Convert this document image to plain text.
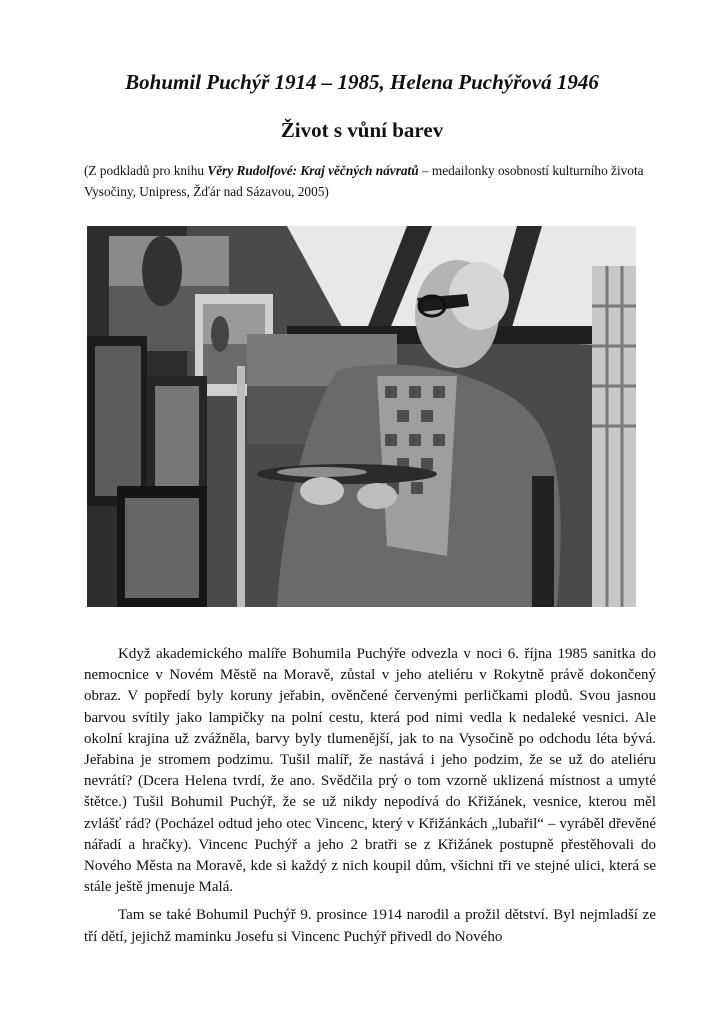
Bohumil Puchýř 1914 – 1985, Helena Puchýřová 1946
Život s vůní barev

(Z podkladů pro knihu Věry Rudolfové: Kraj věčných návratů – medailonky osobností kulturního života Vysočiny, Unipress, Žďár nad Sázavou, 2005)

Když akademického malíře Bohumila Puchýře odvezla v noci 6. října 1985 sanitka do nemocnice v Novém Městě na Moravě, zůstal v jeho ateliéru v Rokytně právě dokončený obraz. V popředí byly koruny jeřabin, ověnčené červenými perličkami plodů. Svou jasnou barvou svítily jako lampičky na polní cestu, která pod nimi vedla k nedaleké vesnici. Ale okolní krajina už zvážněla, barvy byly tlumenější, jak to na Vysočině po odchodu léta bývá. Jeřabina je stromem podzimu. Tušil malíř, že nastává i jeho podzim, že se už do ateliéru nevrátí? (Dcera Helena tvrdí, že ano. Svědčila prý o tom vzorně uklizená místnost a umyté štětce.) Tušil Bohumil Puchýř, že se už nikdy nepodívá do Křižánek, vesnice, kterou měl zvlášť rád? (Pocházel odtud jeho otec Vincenc, který v Křižánkách „lubařil“ – vyráběl dřevěné nářadí a hračky). Vincenc Puchýř a jeho 2 bratři se z Křižánek postupně přestěhovali do Nového Města na Moravě, kde si každý z nich koupil dům, všichni tři ve stejné ulici, která se stále ještě jmenuje Malá.

Tam se také Bohumil Puchýř 9. prosince 1914 narodil a prožil dětství. Byl nejmladší ze tří dětí, jejichž maminku Josefu si Vincenc Puchýř přivedl do Nového
